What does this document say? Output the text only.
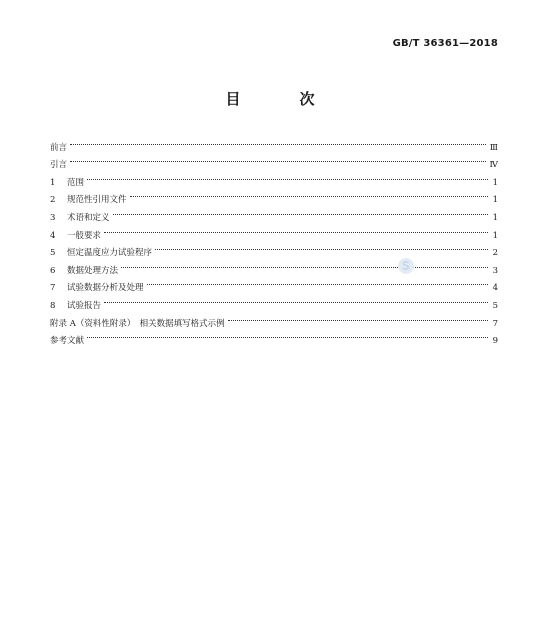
GB/T 36361—2018
目　次
前言	Ⅲ
引言	Ⅳ
1	范围	1
2	规范性引用文件	1
3	术语和定义	1
4	一般要求	1
5	恒定温度应力试验程序	2
6	数据处理方法	3
7	试验数据分析及处理	4
8	试验报告	5
附录 A（资料性附录）　相关数据填写格式示例	7
参考文献	9
S
